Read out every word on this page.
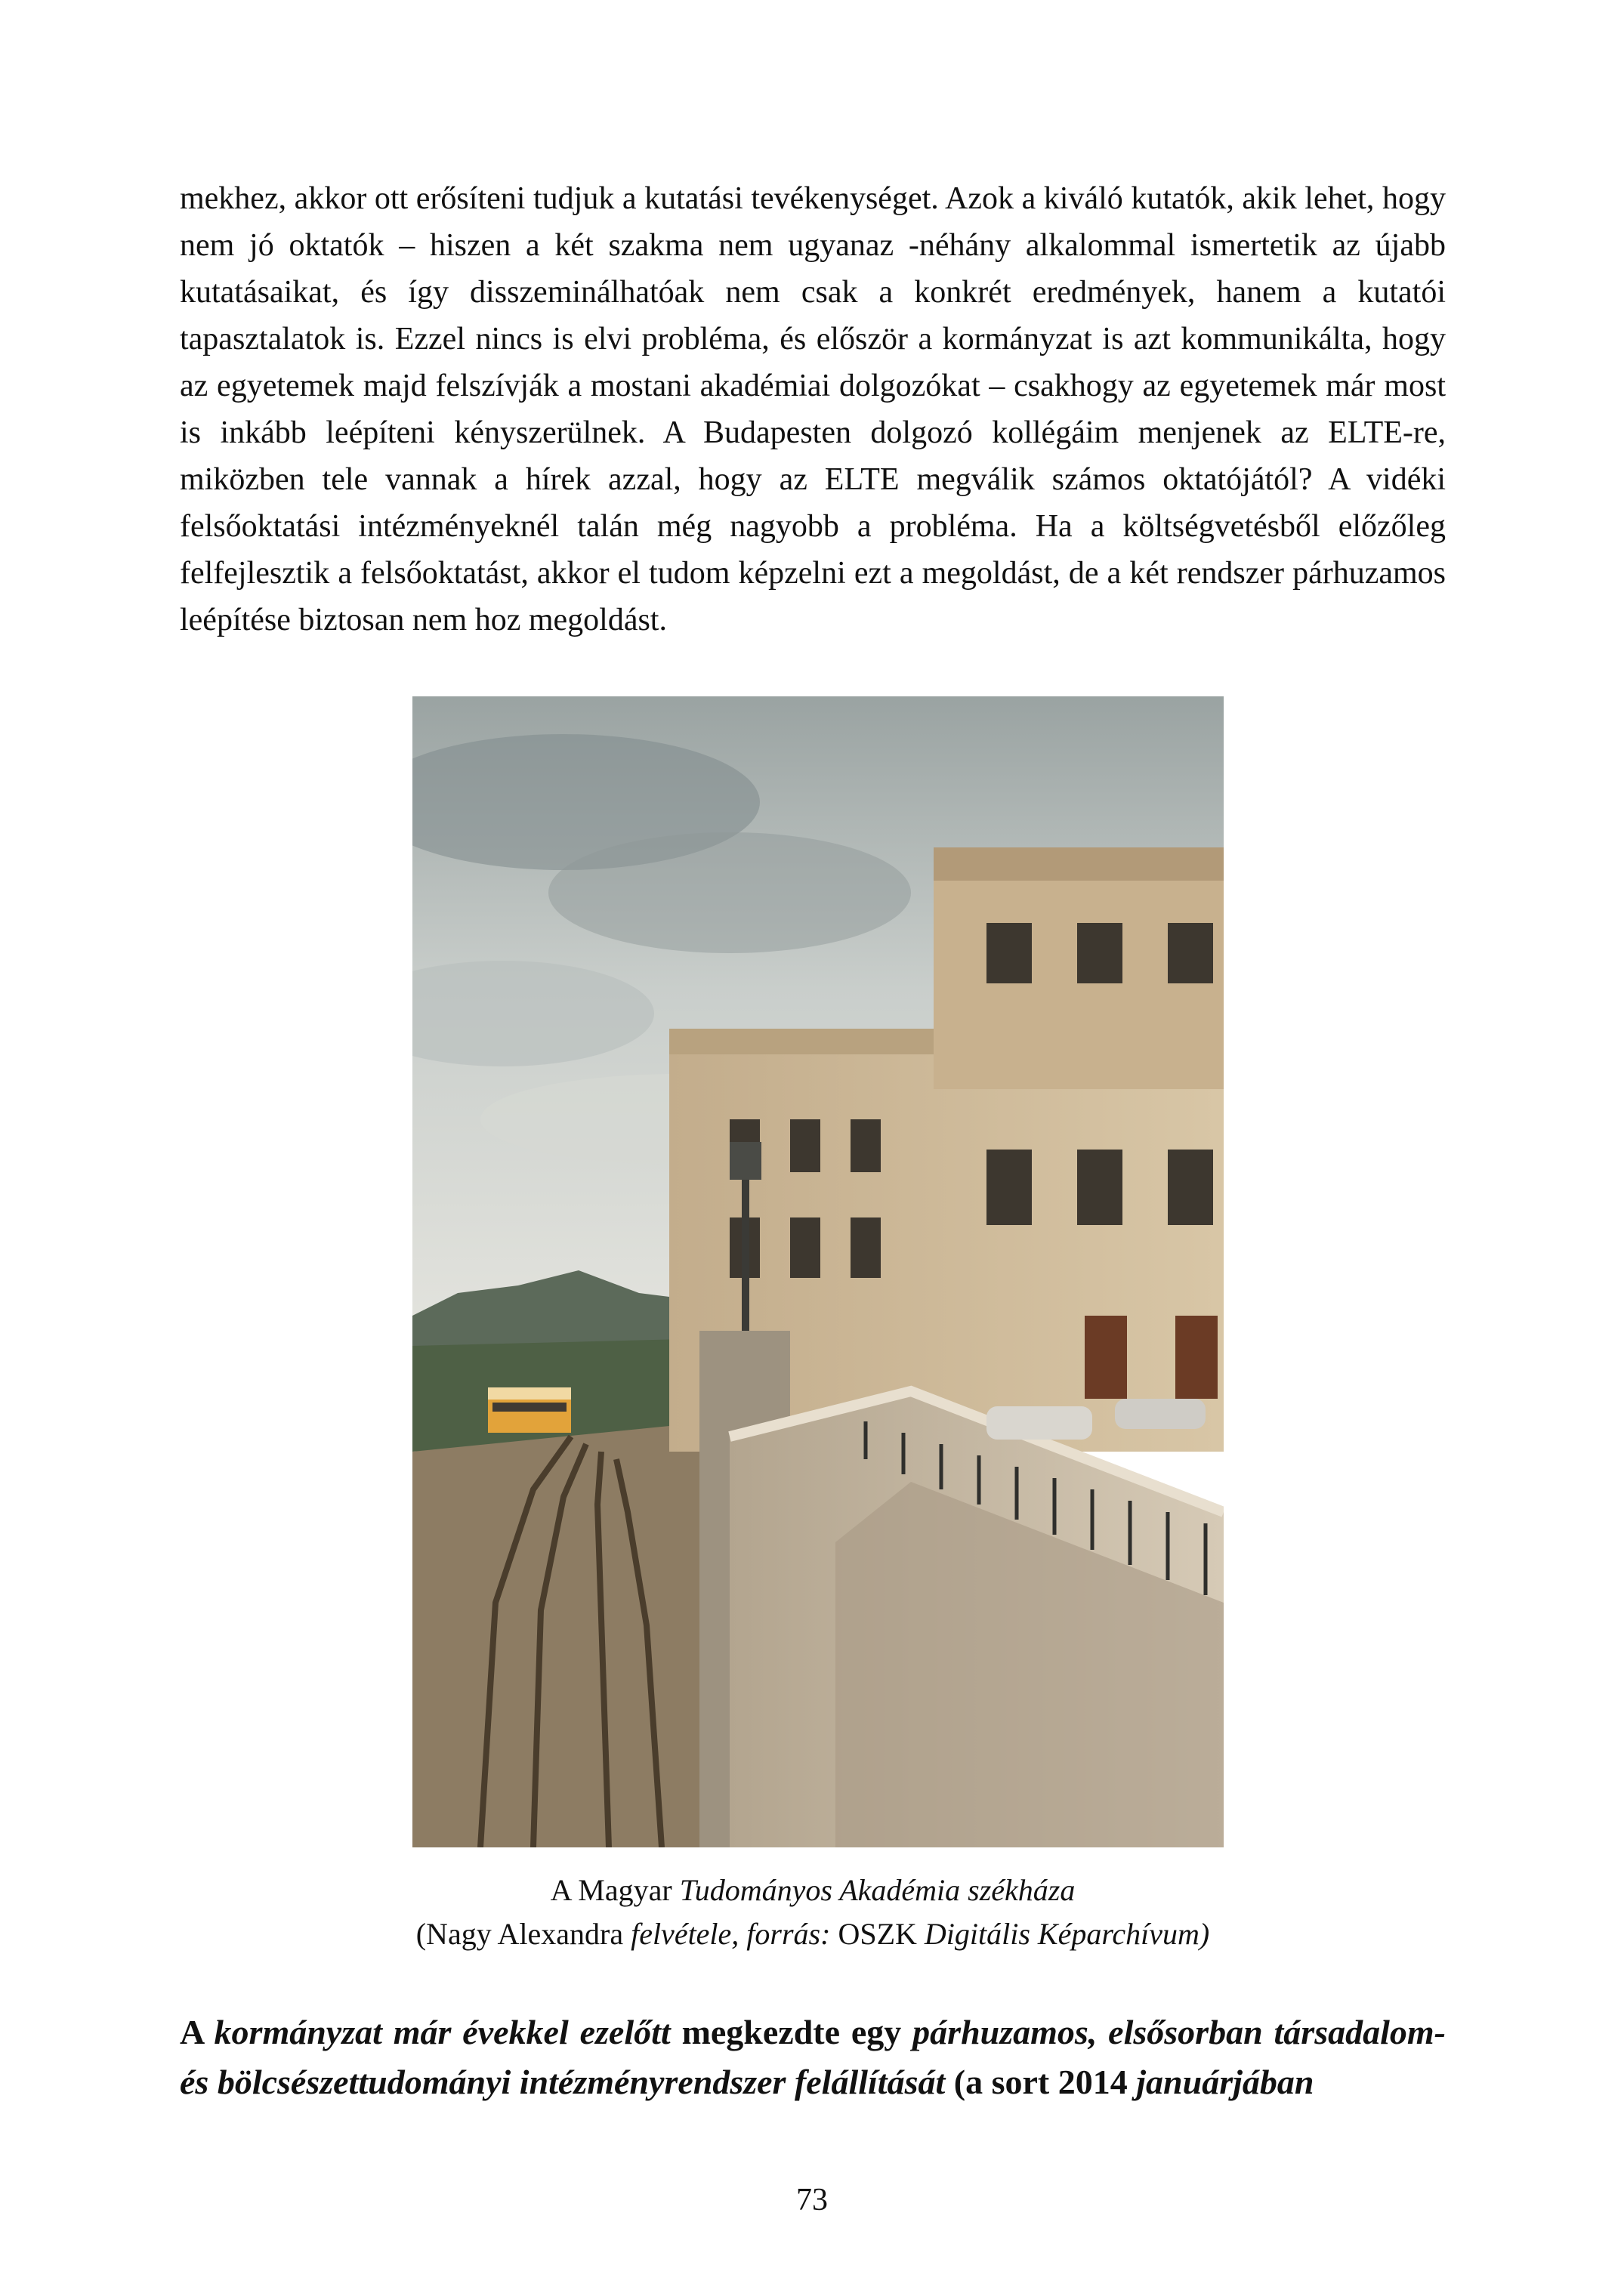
mekhez, akkor ott erősíteni tudjuk a kutatási tevékenységet. Azok a kiváló kutatók, akik lehet, hogy nem jó oktatók – hiszen a két szakma nem ugyanaz -néhány alkalommal ismertetik az újabb kutatásaikat, és így disszeminálhatóak nem csak a konkrét eredmények, hanem a kutatói tapasztalatok is. Ezzel nincs is elvi probléma, és először a kormányzat is azt kommunikálta, hogy az egyetemek majd felszívják a mostani akadémiai dolgozókat – csakhogy az egyetemek már most is inkább leépíteni kényszerülnek. A Budapesten dolgozó kollégáim menjenek az ELTE-re, miközben tele vannak a hírek azzal, hogy az ELTE megválik számos oktatójától? A vidéki felsőoktatási intézményeknél talán még nagyobb a probléma. Ha a költségvetésből előzőleg felfejlesztik a felsőoktatást, akkor el tudom képzelni ezt a megoldást, de a két rendszer párhuzamos leépítése biztosan nem hoz megoldást.

A Magyar Tudományos Akadémia székháza
(Nagy Alexandra felvétele, forrás: OSZK Digitális Képarchívum)

A kormányzat már évekkel ezelőtt megkezdte egy párhuzamos, elsősorban társadalom- és bölcsészettudományi intézményrendszer felállítását (a sort 2014 januárjában

73
